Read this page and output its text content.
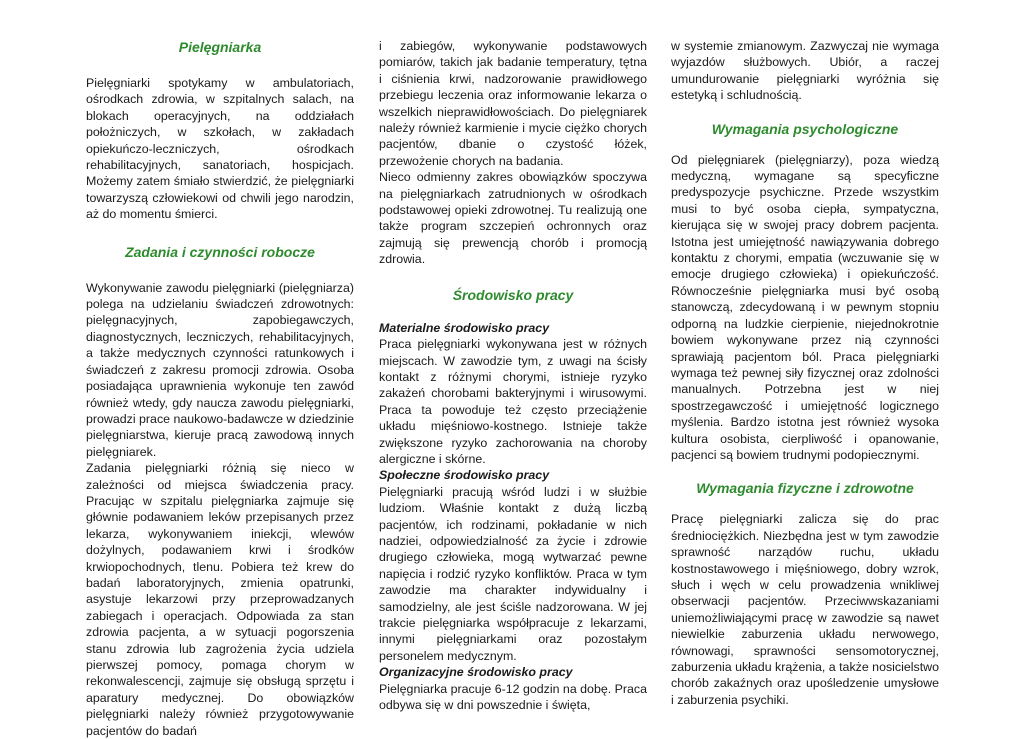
Pielęgniarka

Pielęgniarki spotykamy w ambulatoriach, ośrodkach zdrowia, w szpitalnych salach, na blokach operacyjnych, na oddziałach położniczych, w szkołach, w zakładach opiekuńczo-leczniczych, ośrodkach rehabilitacyjnych, sanatoriach, hospicjach. Możemy zatem śmiało stwierdzić, że pielęgniarki towarzyszą człowiekowi od chwili jego narodzin, aż do momentu śmierci.

Zadania i czynności robocze

Wykonywanie zawodu pielęgniarki (pielęgniarza) polega na udzielaniu świadczeń zdrowotnych: pielęgnacyjnych, zapobiegawczych, diagnostycznych, leczniczych, rehabilitacyjnych, a także medycznych czynności ratunkowych i świadczeń z zakresu promocji zdrowia. Osoba posiadająca uprawnienia wykonuje ten zawód również wtedy, gdy naucza zawodu pielęgniarki, prowadzi prace naukowo-badawcze w dziedzinie pielęgniarstwa, kieruje pracą zawodową innych pielęgniarek.

Zadania pielęgniarki różnią się nieco w zależności od miejsca świadczenia pracy. Pracując w szpitalu pielęgniarka zajmuje się głównie podawaniem leków przepisanych przez lekarza, wykonywaniem iniekcji, wlewów dożylnych, podawaniem krwi i środków krwiopochodnych, tlenu. Pobiera też krew do badań laboratoryjnych, zmienia opatrunki, asystuje lekarzowi przy przeprowadzanych zabiegach i operacjach. Odpowiada za stan zdrowia pacjenta, a w sytuacji pogorszenia stanu zdrowia lub zagrożenia życia udziela pierwszej pomocy, pomaga chorym w rekonwalescencji, zajmuje się obsługą sprzętu i aparatury medycznej. Do obowiązków pielęgniarki należy również przygotowywanie pacjentów do badań

i zabiegów, wykonywanie podstawowych pomiarów, takich jak badanie temperatury, tętna i ciśnienia krwi, nadzorowanie prawidłowego przebiegu leczenia oraz informowanie lekarza o wszelkich nieprawidłowościach. Do pielęgniarek należy również karmienie i mycie ciężko chorych pacjentów, dbanie o czystość łóżek, przewożenie chorych na badania.

Nieco odmienny zakres obowiązków spoczywa na pielęgniarkach zatrudnionych w ośrodkach podstawowej opieki zdrowotnej. Tu realizują one także program szczepień ochronnych oraz zajmują się prewencją chorób i promocją zdrowia.

Środowisko pracy
Materialne środowisko pracy

Praca pielęgniarki wykonywana jest w różnych miejscach. W zawodzie tym, z uwagi na ścisły kontakt z różnymi chorymi, istnieje ryzyko zakażeń chorobami bakteryjnymi i wirusowymi. Praca ta powoduje też często przeciążenie układu mięśniowo-kostnego. Istnieje także zwiększone ryzyko zachorowania na choroby alergiczne i skórne.

Społeczne środowisko pracy

Pielęgniarki pracują wśród ludzi i w służbie ludziom. Właśnie kontakt z dużą liczbą pacjentów, ich rodzinami, pokładanie w nich nadziei, odpowiedzialność za życie i zdrowie drugiego człowieka, mogą wytwarzać pewne napięcia i rodzić ryzyko konfliktów. Praca w tym zawodzie ma charakter indywidualny i samodzielny, ale jest ściśle nadzorowana. W jej trakcie pielęgniarka współpracuje z lekarzami, innymi pielęgniarkami oraz pozostałym personelem medycznym.

Organizacyjne środowisko pracy

Pielęgniarka pracuje 6-12 godzin na dobę. Praca odbywa się w dni powszednie i święta,

w systemie zmianowym. Zazwyczaj nie wymaga wyjazdów służbowych. Ubiór, a raczej umundurowanie pielęgniarki wyróżnia się estetyką i schludnością.

Wymagania psychologiczne

Od pielęgniarek (pielęgniarzy), poza wiedzą medyczną, wymagane są specyficzne predyspozycje psychiczne. Przede wszystkim musi to być osoba ciepła, sympatyczna, kierująca się w swojej pracy dobrem pacjenta. Istotna jest umiejętność nawiązywania dobrego kontaktu z chorymi, empatia (wczuwanie się w emocje drugiego człowieka) i opiekuńczość. Równocześnie pielęgniarka musi być osobą stanowczą, zdecydowaną i w pewnym stopniu odporną na ludzkie cierpienie, niejednokrotnie bowiem wykonywane przez nią czynności sprawiają pacjentom ból. Praca pielęgniarki wymaga też pewnej siły fizycznej oraz zdolności manualnych. Potrzebna jest w niej spostrzegawczość i umiejętność logicznego myślenia. Bardzo istotna jest również wysoka kultura osobista, cierpliwość i opanowanie, pacjenci są bowiem trudnymi podopiecznymi.

Wymagania fizyczne i zdrowotne

Pracę pielęgniarki zalicza się do prac średniociężkich. Niezbędna jest w tym zawodzie sprawność narządów ruchu, układu kostnostawowego i mięśniowego, dobry wzrok, słuch i węch w celu prowadzenia wnikliwej obserwacji pacjentów. Przeciwwskazaniami uniemożliwiającymi pracę w zawodzie są nawet niewielkie zaburzenia układu nerwowego, równowagi, sprawności sensomotorycznej, zaburzenia układu krążenia, a także nosicielstwo chorób zakaźnych oraz upośledzenie umysłowe i zaburzenia psychiki.
